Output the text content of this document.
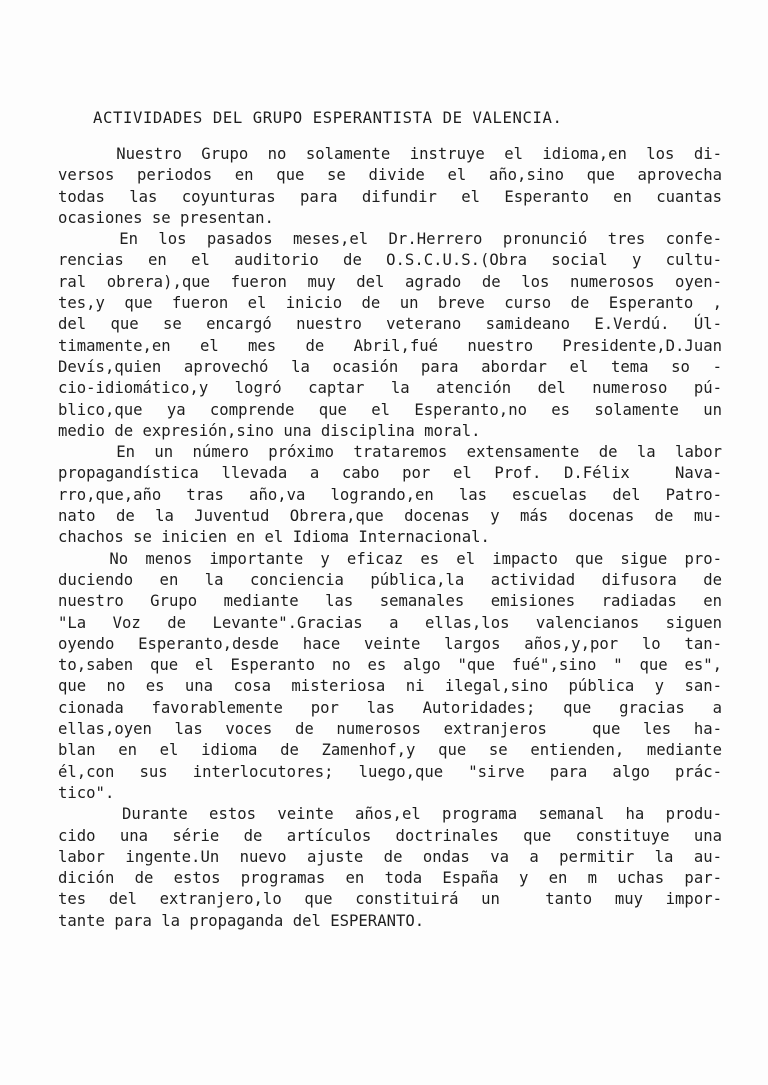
ACTIVIDADES DEL GRUPO ESPERANTISTA DE VALENCIA.
Nuestro Grupo no solamente instruye el idioma,en los di-
versos periodos en que se divide el año,sino que aprovecha
todas las coyunturas para difundir el Esperanto en cuantas
ocasiones se presentan.
En los pasados meses,el Dr.Herrero pronunció tres confe-
rencias en el auditorio de O.S.C.U.S.(Obra social y cultu-
ral obrera),que fueron muy del agrado de los numerosos oyen-
tes,y que fueron el inicio de un breve curso de Esperanto ,
del que se encargó nuestro veterano samideano E.Verdú. Úl-
timamente,en el mes de Abril,fué nuestro Presidente,D.Juan
Devís,quien aprovechó la ocasión para abordar el tema so -
cio-idiomático,y logró captar la atención del numeroso pú-
blico,que ya comprende que el Esperanto,no es solamente un
medio de expresión,sino una disciplina moral.
En un número próximo trataremos extensamente de la labor
propagandística llevada a cabo por el Prof. D.Félix  Nava-
rro,que,año tras año,va logrando,en las escuelas del Patro-
nato de la Juventud Obrera,que docenas y más docenas de mu-
chachos se inicien en el Idioma Internacional.
No menos importante y eficaz es el impacto que sigue pro-
duciendo en la conciencia pública,la actividad difusora de
nuestro Grupo mediante las semanales emisiones radiadas en
"La Voz de Levante".Gracias a ellas,los valencianos siguen
oyendo Esperanto,desde hace veinte largos años,y,por lo tan-
to,saben que el Esperanto no es algo "que fué",sino " que es",
que no es una cosa misteriosa ni ilegal,sino pública y san-
cionada favorablemente por las Autoridades; que gracias a
ellas,oyen las voces de numerosos extranjeros  que les ha-
blan en el idioma de Zamenhof,y que se entienden, mediante
él,con sus interlocutores; luego,que "sirve para algo prác-
tico".
Durante estos veinte años,el programa semanal ha produ-
cido una série de artículos doctrinales que constituye una
labor ingente.Un nuevo ajuste de ondas va a permitir la au-
dición de estos programas en toda España y en m uchas par-
tes del extranjero,lo que constituirá un  tanto muy impor-
tante para la propaganda del ESPERANTO.
